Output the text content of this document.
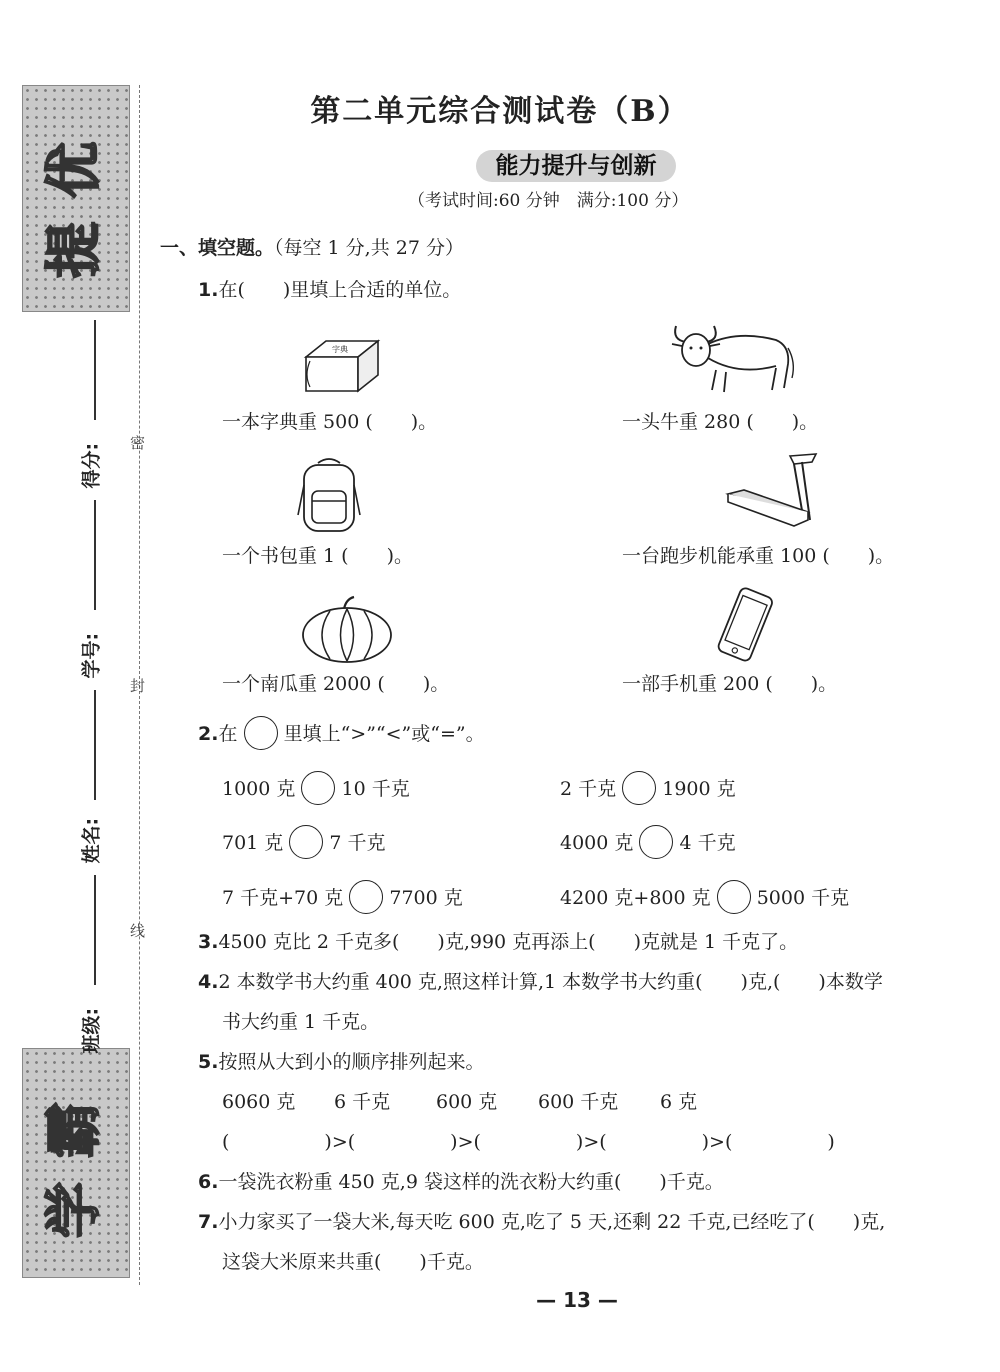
提
优
学
霸
得分:
学号:
姓名:
班级:
密
封
线
第二单元综合测试卷（B）
能力提升与创新
（考试时间:60 分钟　满分:100 分）
一、填空题。（每空 1 分,共 27 分）
1.在(　　)里填上合适的单位。
字典
一本字典重 500 (　　)。	一头牛重 280 (　　)。
一个书包重 1 (　　)。	一台跑步机能承重 100 (　　)。
一个南瓜重 2000 (　　)。	一部手机重 200 (　　)。
2.在 里填上“>”“<”或“=”。
1000 克 10 千克	2 千克 1900 克
701 克 7 千克	4000 克 4 千克
7 千克+70 克 7700 克	4200 克+800 克 5000 千克
3.4500 克比 2 千克多(　　)克,990 克再添上(　　)克就是 1 千克了。
4.2 本数学书大约重 400 克,照这样计算,1 本数学书大约重(　　)克,(　　)本数学
书大约重 1 千克。
5.按照从大到小的顺序排列起来。
6060 克 6 千克 600 克 600 千克 6 克
(　　　　　)>(　　　　　)>(　　　　　)>(　　　　　)>(　　　　　)
6.一袋洗衣粉重 450 克,9 袋这样的洗衣粉大约重(　　)千克。
7.小力家买了一袋大米,每天吃 600 克,吃了 5 天,还剩 22 千克,已经吃了(　　)克,
这袋大米原来共重(　　)千克。
— 13 —
